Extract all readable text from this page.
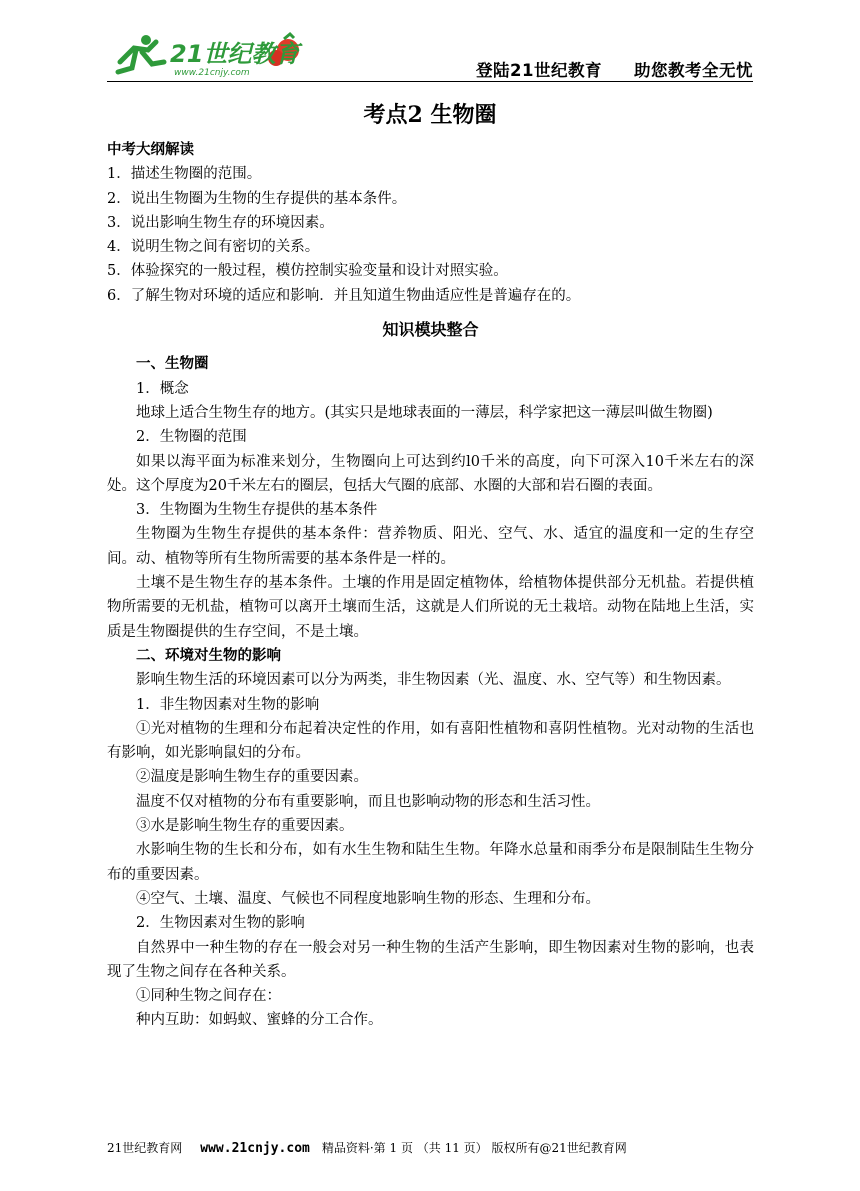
21世纪教育
www.21cnjy.com	登陆21世纪教育 助您教考全无忧
考点2 生物圈

中考大纲解读

1．描述生物圈的范围。

2．说出生物圈为生物的生存提供的基本条件。

3．说出影响生物生存的环境因素。

4．说明生物之间有密切的关系。

5．体验探究的一般过程，模仿控制实验变量和设计对照实验。

6．了解生物对环境的适应和影响．并且知道生物曲适应性是普遍存在的。

知识模块整合

一、生物圈

1．概念

地球上适合生物生存的地方。(其实只是地球表面的一薄层，科学家把这一薄层叫做生物圈)

2．生物圈的范围

如果以海平面为标准来划分，生物圈向上可达到约l0千米的高度，向下可深入10千米左右的深处。这个厚度为20千米左右的圈层，包括大气圈的底部、水圈的大部和岩石圈的表面。

3．生物圈为生物生存提供的基本条件

生物圈为生物生存提供的基本条件：营养物质、阳光、空气、水、适宜的温度和一定的生存空间。动、植物等所有生物所需要的基本条件是一样的。

土壤不是生物生存的基本条件。土壤的作用是固定植物体，给植物体提供部分无机盐。若提供植物所需要的无机盐，植物可以离开土壤而生活，这就是人们所说的无土栽培。动物在陆地上生活，实质是生物圈提供的生存空间，不是土壤。

二、环境对生物的影响

影响生物生活的环境因素可以分为两类，非生物因素（光、温度、水、空气等）和生物因素。

1．非生物因素对生物的影响

①光对植物的生理和分布起着决定性的作用，如有喜阳性植物和喜阴性植物。光对动物的生活也有影响，如光影响鼠妇的分布。

②温度是影响生物生存的重要因素。

温度不仅对植物的分布有重要影响，而且也影响动物的形态和生活习性。

③水是影响生物生存的重要因素。

水影响生物的生长和分布，如有水生生物和陆生生物。年降水总量和雨季分布是限制陆生生物分布的重要因素。

④空气、土壤、温度、气候也不同程度地影响生物的形态、生理和分布。

2．生物因素对生物的影响

自然界中一种生物的存在一般会对另一种生物的生活产生影响，即生物因素对生物的影响，也表现了生物之间存在各种关系。

①同种生物之间存在：

种内互助：如蚂蚁、蜜蜂的分工合作。

21世纪教育网 www.21cnjy.com 精品资料·第 1 页 （共 11 页） 版权所有@21世纪教育网
